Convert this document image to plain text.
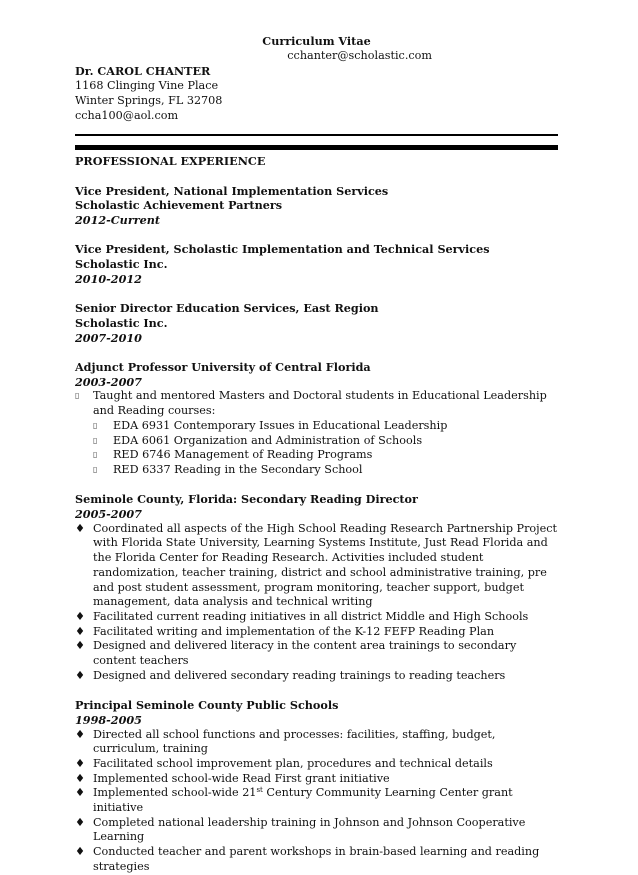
Curriculum Vitae
cchanter@scholastic.com
Dr. CAROL CHANTER
1168 Clinging Vine Place
Winter Springs, FL 32708
ccha100@aol.com
PROFESSIONAL EXPERIENCE
Vice President, National Implementation Services
Scholastic Achievement Partners
2012-Current
Vice President, Scholastic Implementation and Technical Services
Scholastic Inc.
2010-2012
Senior Director Education Services, East Region
Scholastic Inc.
2007-2010
Adjunct Professor University of Central Florida
2003-2007
▯	Taught and mentored Masters and Doctoral students in Educational Leadership and Reading courses:
▯	EDA 6931 Contemporary Issues in Educational Leadership
▯	EDA 6061 Organization and Administration of Schools
▯	RED 6746 Management of Reading Programs
▯	RED 6337 Reading in the Secondary School
Seminole County, Florida: Secondary Reading Director
2005-2007
♦ Coordinated all aspects of the High School Reading Research Partnership Project with Florida State University, Learning Systems Institute, Just Read Florida and the Florida Center for Reading Research. Activities included student randomization, teacher training, district and school administrative training, pre and post student assessment, program monitoring, teacher support, budget management, data analysis and technical writing
♦ Facilitated current reading initiatives in all district Middle and High Schools
♦ Facilitated writing and implementation of the K-12 FEFP Reading Plan
♦ Designed and delivered literacy in the content area trainings to secondary content teachers
♦ Designed and delivered secondary reading trainings to reading teachers
Principal Seminole County Public Schools
1998-2005
♦ Directed all school functions and processes: facilities, staffing, budget, curriculum, training
♦ Facilitated school improvement plan, procedures and technical details
♦ Implemented school-wide Read First grant initiative
♦ Implemented school-wide 21st Century Community Learning Center grant initiative
♦ Completed national leadership training in Johnson and Johnson Cooperative Learning
♦ Conducted teacher and parent workshops in brain-based learning and reading strategies
